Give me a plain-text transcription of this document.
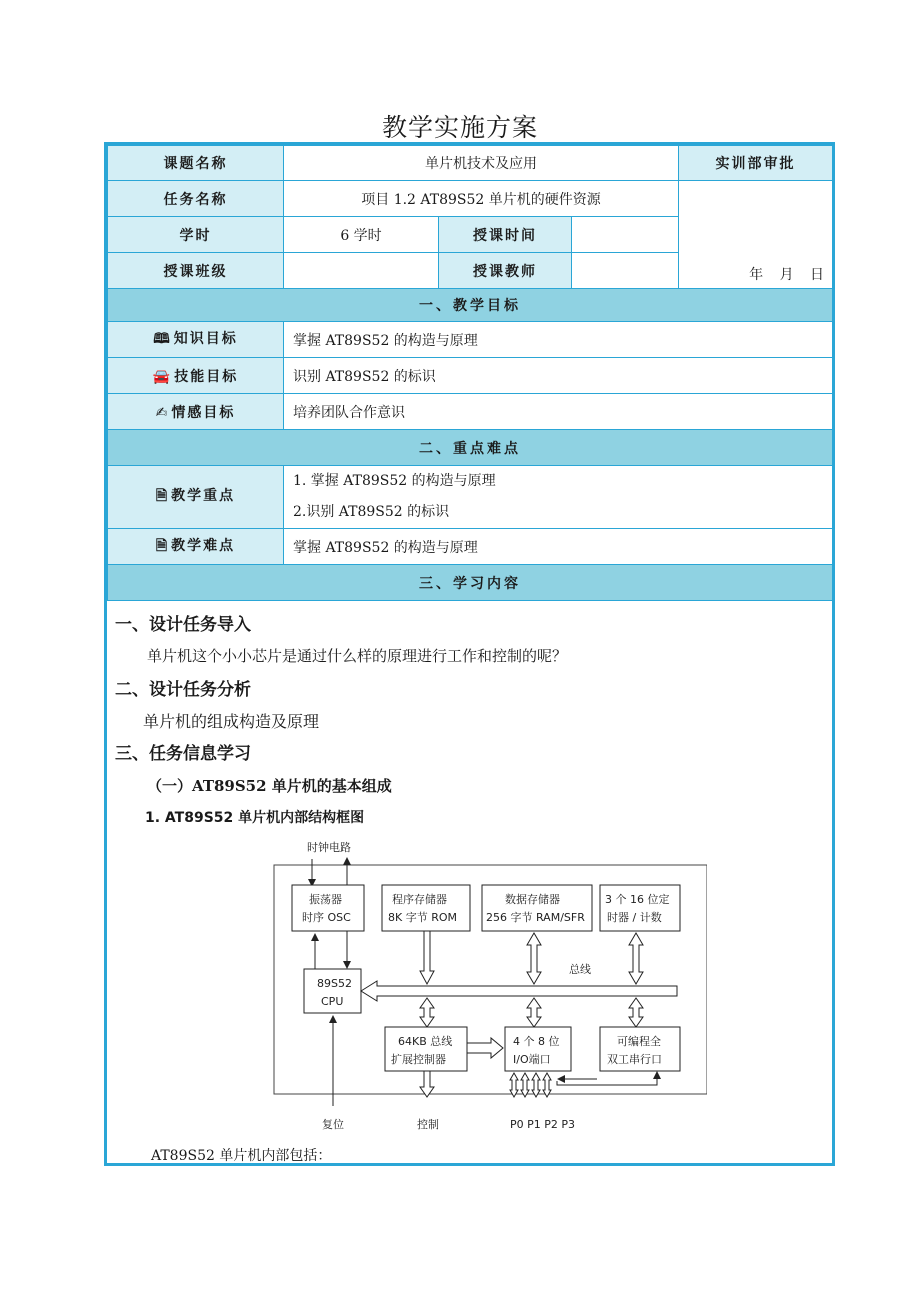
教学实施方案
课题名称	单片机技术及应用			实训部审批
任务名称	项目 1.2 AT89S52 单片机的硬件资源			年 月 日
学时	6 学时	授课时间		
授课班级		授课教师		
一、教学目标				
🕮 知识目标	掌握 AT89S52 的构造与原理			
🚘 技能目标	识别 AT89S52 的标识			
✍ 情感目标	培养团队合作意识			
二、重点难点				
🗎 教学重点	1. 掌握 AT89S52 的构造与原理
2.识别 AT89S52 的标识			

🗎 教学难点	掌握 AT89S52 的构造与原理			
三、学习内容				
一、设计任务导入
单片机这个小小芯片是通过什么样的原理进行工作和控制的呢？
二、设计任务分析
单片机的组成构造及原理
三、任务信息学习
（一）AT89S52 单片机的基本组成
1. AT89S52 单片机内部结构框图
时钟电路
振荡器
时序 OSC
程序存储器
8K 字节 ROM
数据存储器
256 字节 RAM/SFR
3 个 16 位定
时器 / 计数
89S52
CPU
总线
64KB 总线
扩展控制器
4 个 8 位
I/O端口
可编程全
双工串行口
复位	控制	P0 P1 P2 P3
AT89S52 单片机内部包括：
